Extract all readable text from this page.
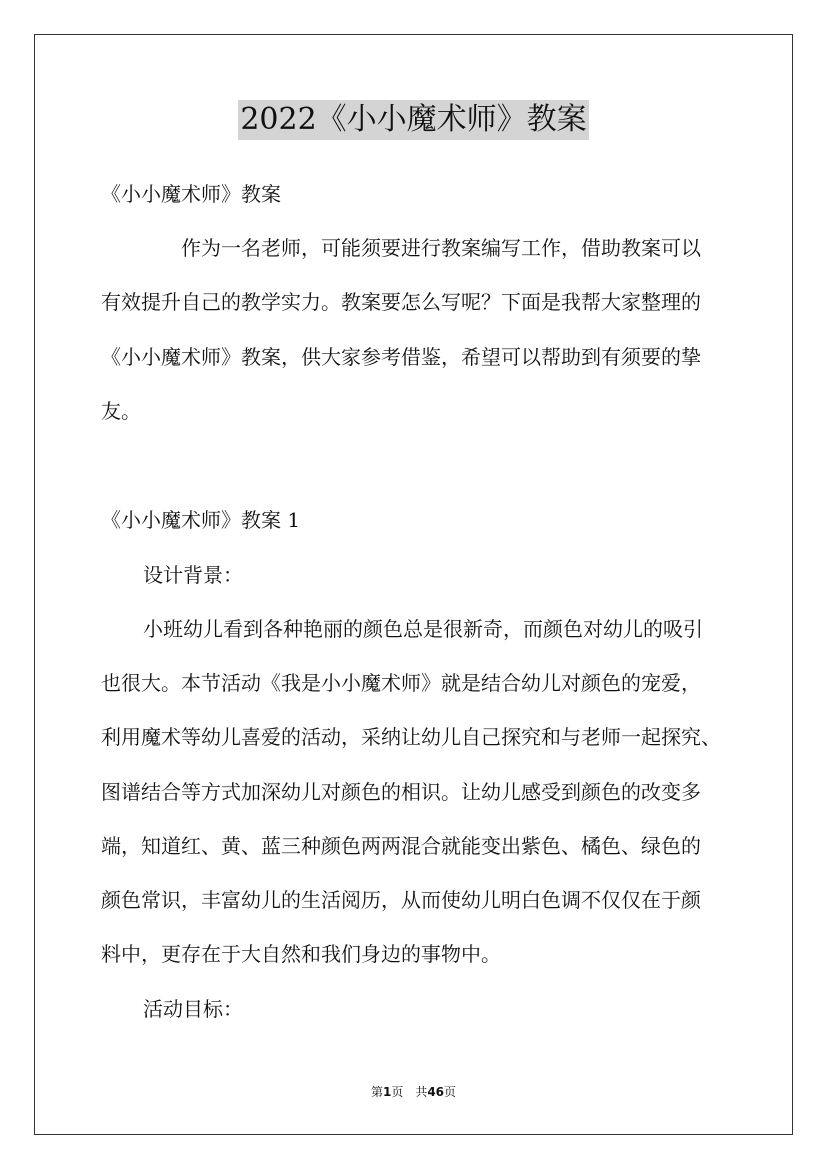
2022《小小魔术师》教案
《小小魔术师》教案
作为一名老师，可能须要进行教案编写工作，借助教案可以
有效提升自己的教学实力。教案要怎么写呢？下面是我帮大家整理的
《小小魔术师》教案，供大家参考借鉴，希望可以帮助到有须要的挚
友。
《小小魔术师》教案 1
设计背景：
小班幼儿看到各种艳丽的颜色总是很新奇，而颜色对幼儿的吸引
也很大。本节活动《我是小小魔术师》就是结合幼儿对颜色的宠爱，
利用魔术等幼儿喜爱的活动，采纳让幼儿自己探究和与老师一起探究、
图谱结合等方式加深幼儿对颜色的相识。让幼儿感受到颜色的改变多
端，知道红、黄、蓝三种颜色两两混合就能变出紫色、橘色、绿色的
颜色常识，丰富幼儿的生活阅历，从而使幼儿明白色调不仅仅在于颜
料中，更存在于大自然和我们身边的事物中。
活动目标：
第1页　共46页
